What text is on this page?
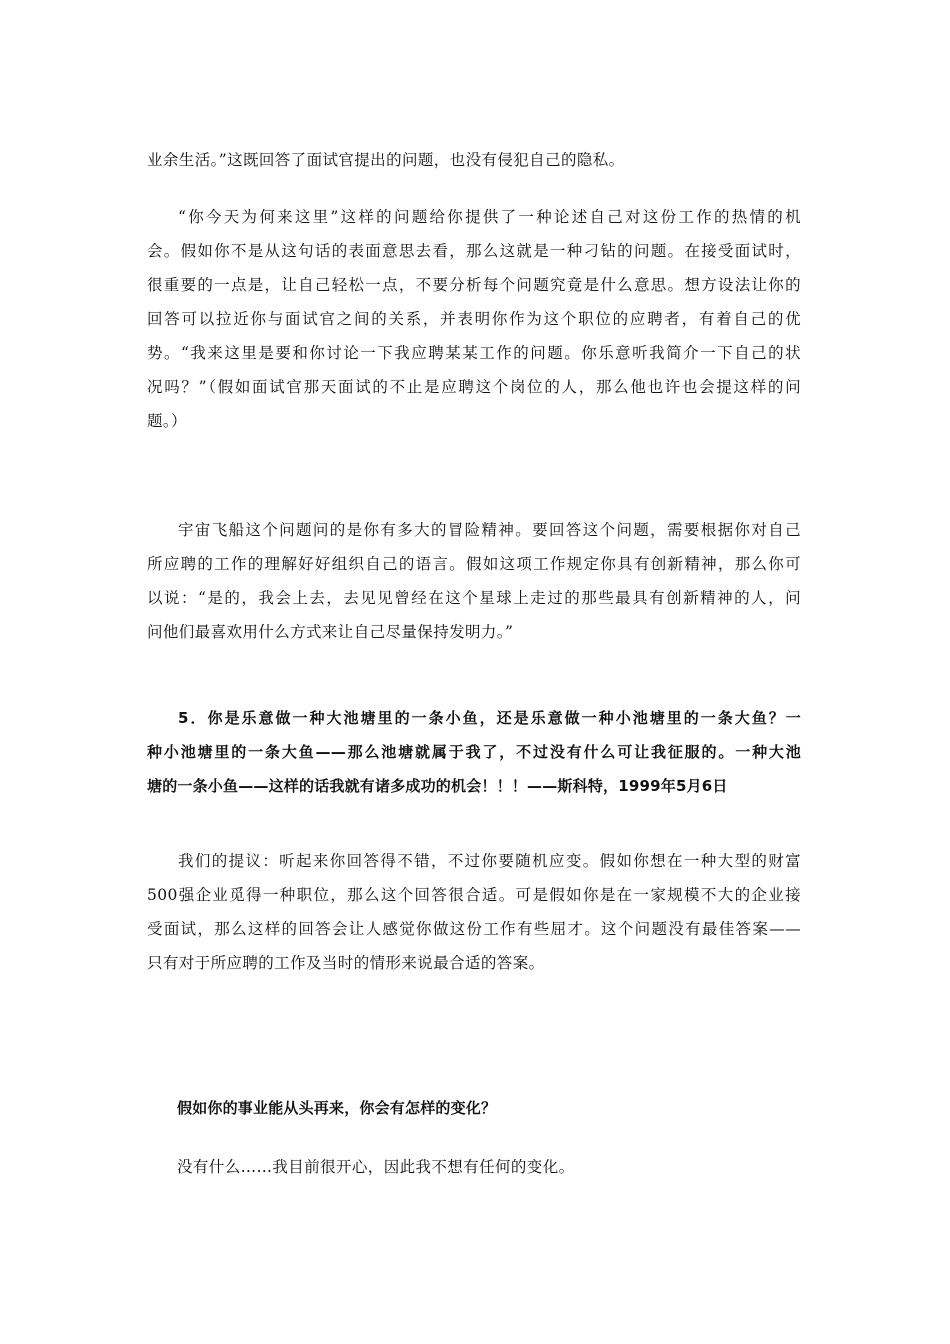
业余生活。”这既回答了面试官提出的问题，也没有侵犯自己的隐私。
“你今天为何来这里”这样的问题给你提供了一种论述自己对这份工作的热情的机
会。假如你不是从这句话的表面意思去看，那么这就是一种刁钻的问题。在接受面试时，
很重要的一点是，让自己轻松一点，不要分析每个问题究竟是什么意思。想方设法让你的
回答可以拉近你与面试官之间的关系，并表明你作为这个职位的应聘者，有着自己的优
势。“我来这里是要和你讨论一下我应聘某某工作的问题。你乐意听我简介一下自己的状
况吗？”（假如面试官那天面试的不止是应聘这个岗位的人，那么他也许也会提这样的问
题。）
宇宙飞船这个问题问的是你有多大的冒险精神。要回答这个问题，需要根据你对自己
所应聘的工作的理解好好组织自己的语言。假如这项工作规定你具有创新精神，那么你可
以说：“是的，我会上去，去见见曾经在这个星球上走过的那些最具有创新精神的人，问
问他们最喜欢用什么方式来让自己尽量保持发明力。”
5．你是乐意做一种大池塘里的一条小鱼，还是乐意做一种小池塘里的一条大鱼？一
种小池塘里的一条大鱼——那么池塘就属于我了，不过没有什么可让我征服的。一种大池
塘的一条小鱼——这样的话我就有诸多成功的机会！！！——斯科特，1999年5月6日
我们的提议：听起来你回答得不错，不过你要随机应变。假如你想在一种大型的财富
500强企业觅得一种职位，那么这个回答很合适。可是假如你是在一家规模不大的企业接
受面试，那么这样的回答会让人感觉你做这份工作有些屈才。这个问题没有最佳答案——
只有对于所应聘的工作及当时的情形来说最合适的答案。
假如你的事业能从头再来，你会有怎样的变化？
没有什么……我目前很开心，因此我不想有任何的变化。
